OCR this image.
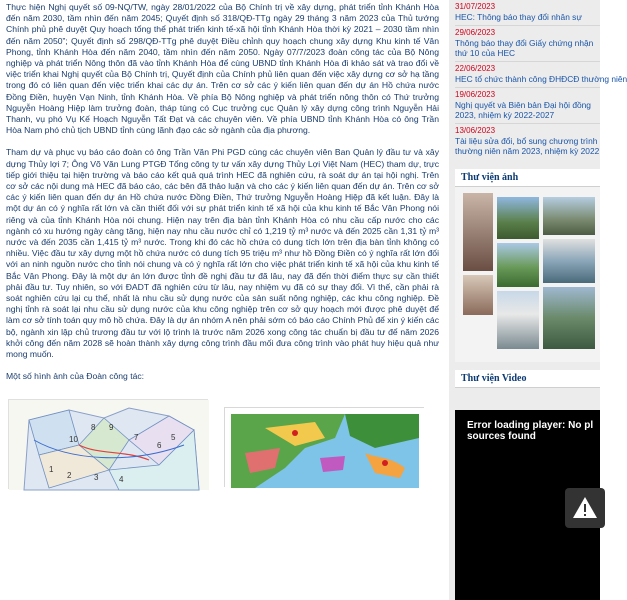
Thực hiện Nghị quyết số 09-NQ/TW, ngày 28/01/2022 của Bộ Chính trị về xây dựng, phát triển tỉnh Khánh Hòa đến năm 2030, tầm nhìn đến năm 2045; Quyết định số 318/QĐ-TTg ngày 29 tháng 3 năm 2023 của Thủ tướng Chính phủ phê duyệt Quy hoạch tổng thể phát triển kinh tế-xã hội tỉnh Khánh Hòa thời kỳ 2021 – 2030 tầm nhìn đến năm 2050”; Quyết định số 298/QĐ-TTg phê duyệt Điều chỉnh quy hoạch chung xây dựng Khu kinh tế Vân Phong, tỉnh Khánh Hòa đến năm 2040, tầm nhìn đến năm 2050. Ngày 07/7/2023 đoàn công tác của Bộ Nông nghiệp và phát triển Nông thôn đã vào tỉnh Khánh Hòa để cùng UBND tỉnh Khánh Hòa đi khảo sát và trao đổi về việc triển khai Nghị quyết của Bộ Chính trị, Quyết định của Chính phủ liên quan đến việc xây dựng cơ sở hạ tầng trong đó có liên quan đến việc triển khai các dự án. Trên cơ sở các ý kiến liên quan đến dự án Hồ chứa nước Đồng Điền, huyện Vạn Ninh, tỉnh Khánh Hòa. Về phía Bộ Nông nghiệp và phát triển nông thôn có Thứ trưởng Nguyễn Hoàng Hiệp làm trưởng đoàn, tháp tùng có Cục trưởng cục Quản lý xây dựng công trình Nguyễn Hải Thanh, vụ phó Vụ Kế Hoạch Nguyễn Tất Đạt và các chuyên viên. Về phía UBND tỉnh Khánh Hòa có ông Trần Hòa Nam phó chủ tịch UBND tỉnh cùng lãnh đạo các sở ngành của địa phương.

Tham dự và phục vụ báo cáo đoàn có ông Trần Văn Phi PGD cùng các chuyên viên Ban Quản lý đầu tư và xây dựng Thủy lợi 7; Ông Võ Văn Lung PTGĐ Tổng công ty tư vấn xây dựng Thủy Lợi Việt Nam (HEC) tham dự, trực tiếp giới thiệu tại hiện trường và báo cáo kết quả quá trình HEC đã nghiên cứu, rà soát dự án tại hội nghị. Trên cơ sở các nội dung mà HEC đã báo cáo, các bên đã thảo luận và cho các ý kiến liên quan đến dự án. Trên cơ sở các ý kiến liên quan đến dự án Hồ chứa nước Đồng Điền, Thứ trưởng Nguyễn Hoàng Hiệp đã kết luận. Đây là một dự án có ý nghĩa rất lớn và cần thiết đối với sự phát triển kinh tế xã hội của khu kinh tế Bắc Vân Phong nói riêng và của tỉnh Khánh Hòa nói chung. Hiện nay trên địa bàn tỉnh Khánh Hòa có nhu cầu cấp nước cho các ngành có xu hướng ngày càng tăng, hiện nay nhu cầu nước chỉ có 1,219 tỷ m³ nước và đến 2025 cần 1,31 tỷ m³ nước và đến 2035 cần 1,415 tỷ m³ nước. Trong khi đó các hồ chứa có dung tích lớn trên địa bàn tỉnh không có nhiều. Việc đầu tư xây dựng một hồ chứa nước có dung tích 95 triệu m³ như hồ Đồng Điền có ý nghĩa rất lớn đối với an ninh nguồn nước cho tỉnh nói chung và có ý nghĩa rất lớn cho việc phát triển kinh tế xã hội của khu kinh tế Bắc Vân Phong. Đây là một dự án lớn được tỉnh đề nghị đầu tư đã lâu, nay đã đến thời điểm thực sự cần thiết phải đầu tư. Tuy nhiên, so với ĐADT đã nghiên cứu từ lâu, nay nhiệm vụ đã có sự thay đổi. Vì thế, cần phải rà soát nghiên cứu lại cụ thể, nhất là nhu cầu sử dụng nước của sản suất nông nghiệp, các khu công nghiệp. Đề nghị tỉnh rà soát lại nhu cầu sử dụng nước của khu công nghiệp trên cơ sở quy hoạch mới được phê duyệt để làm cơ sở tính toán quy mô hồ chứa. Đây là dự án nhóm A nên phải sớm có báo cáo Chính Phủ để xin ý kiến các bộ, ngành xin lập chủ trương đầu tư với lộ trình là trước năm 2026 xong công tác chuẩn bị đầu tư để năm 2026 khởi công đến năm 2028 sẽ hoàn thành xây dựng công trình đầu mối đưa công trình vào phát huy hiệu quả như mong muốn.

Một số hình ảnh của Đoàn công tác:

8 9
10	7
6
5
1
2	3	4
31/07/2023
HEC: Thông báo thay đổi nhân sự
29/06/2023
Thông báo thay đổi Giấy chứng nhận
thứ 10 của HEC
22/06/2023
HEC tổ chức thành công ĐHĐCĐ thường niên
19/06/2023
Nghị quyết và Biên bản Đại hội đồng
2023, nhiệm kỳ 2022-2027
13/06/2023
Tài liệu sửa đổi, bổ sung chương trình
thường niên năm 2023, nhiệm kỳ 2022
Thư viện ảnh
Thư viện Video
Error loading player: No pl
sources found
